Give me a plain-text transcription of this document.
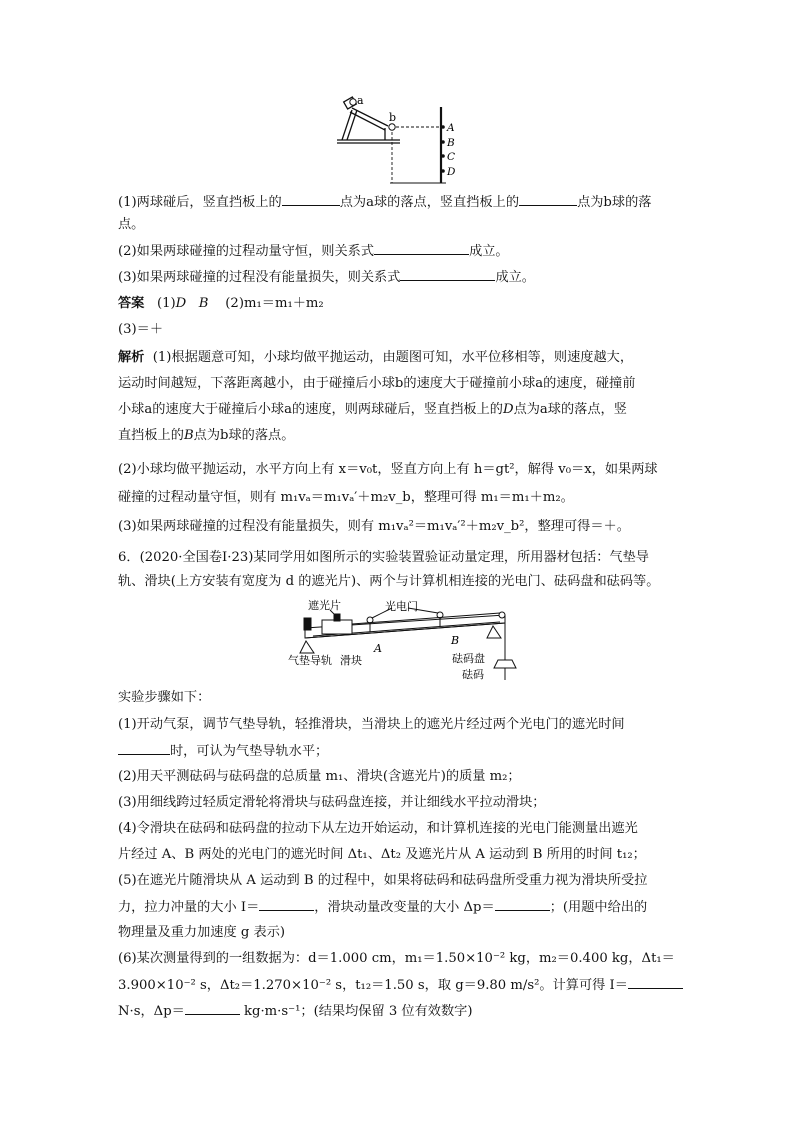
a
b
A
B
C
D
(1)两球碰后，竖直挡板上的	点为a球的落点，竖直挡板上的	点为b球的落
点。
(2)如果两球碰撞的过程动量守恒，则关系式	成立。
(3)如果两球碰撞的过程没有能量损失，则关系式	成立。
答案 (1)D B (2)m₁＝m₁＋m₂
(3)＝＋
解析 (1)根据题意可知，小球均做平抛运动，由题图可知，水平位移相等，则速度越大，
运动时间越短，下落距离越小，由于碰撞后小球b的速度大于碰撞前小球a的速度，碰撞前
小球a的速度大于碰撞后小球a的速度，则两球碰后，竖直挡板上的D点为a球的落点，竖
直挡板上的B点为b球的落点。
(2)小球均做平抛运动，水平方向上有 x＝v₀t，竖直方向上有 h＝gt²，解得 v₀＝x，如果两球
碰撞的过程动量守恒，则有 m₁vₐ＝m₁vₐ′＋m₂v_b，整理可得 m₁＝m₁＋m₂。
(3)如果两球碰撞的过程没有能量损失，则有 m₁vₐ²＝m₁vₐ′²＋m₂v_b²，整理可得＝＋。
6．(2020·全国卷Ⅰ·23)某同学用如图所示的实验装置验证动量定理，所用器材包括：气垫导
轨、滑块(上方安装有宽度为 d 的遮光片)、两个与计算机相连接的光电门、砝码盘和砝码等。
遮光片	光电门
气垫导轨 滑块
A
B
砝码盘
砝码
实验步骤如下：
(1)开动气泵，调节气垫导轨，轻推滑块，当滑块上的遮光片经过两个光电门的遮光时间
时，可认为气垫导轨水平；
(2)用天平测砝码与砝码盘的总质量 m₁、滑块(含遮光片)的质量 m₂；
(3)用细线跨过轻质定滑轮将滑块与砝码盘连接，并让细线水平拉动滑块；
(4)令滑块在砝码和砝码盘的拉动下从左边开始运动，和计算机连接的光电门能测量出遮光
片经过 A、B 两处的光电门的遮光时间 Δt₁、Δt₂ 及遮光片从 A 运动到 B 所用的时间 t₁₂；
(5)在遮光片随滑块从 A 运动到 B 的过程中，如果将砝码和砝码盘所受重力视为滑块所受拉
力，拉力冲量的大小 I＝	，滑块动量改变量的大小 Δp＝	；(用题中给出的
物理量及重力加速度 g 表示)
(6)某次测量得到的一组数据为：d＝1.000 cm，m₁＝1.50×10⁻² kg，m₂＝0.400 kg，Δt₁＝
3.900×10⁻² s，Δt₂＝1.270×10⁻² s，t₁₂＝1.50 s，取 g＝9.80 m/s²。计算可得 I＝
N·s，Δp＝	kg·m·s⁻¹；(结果均保留 3 位有效数字)
